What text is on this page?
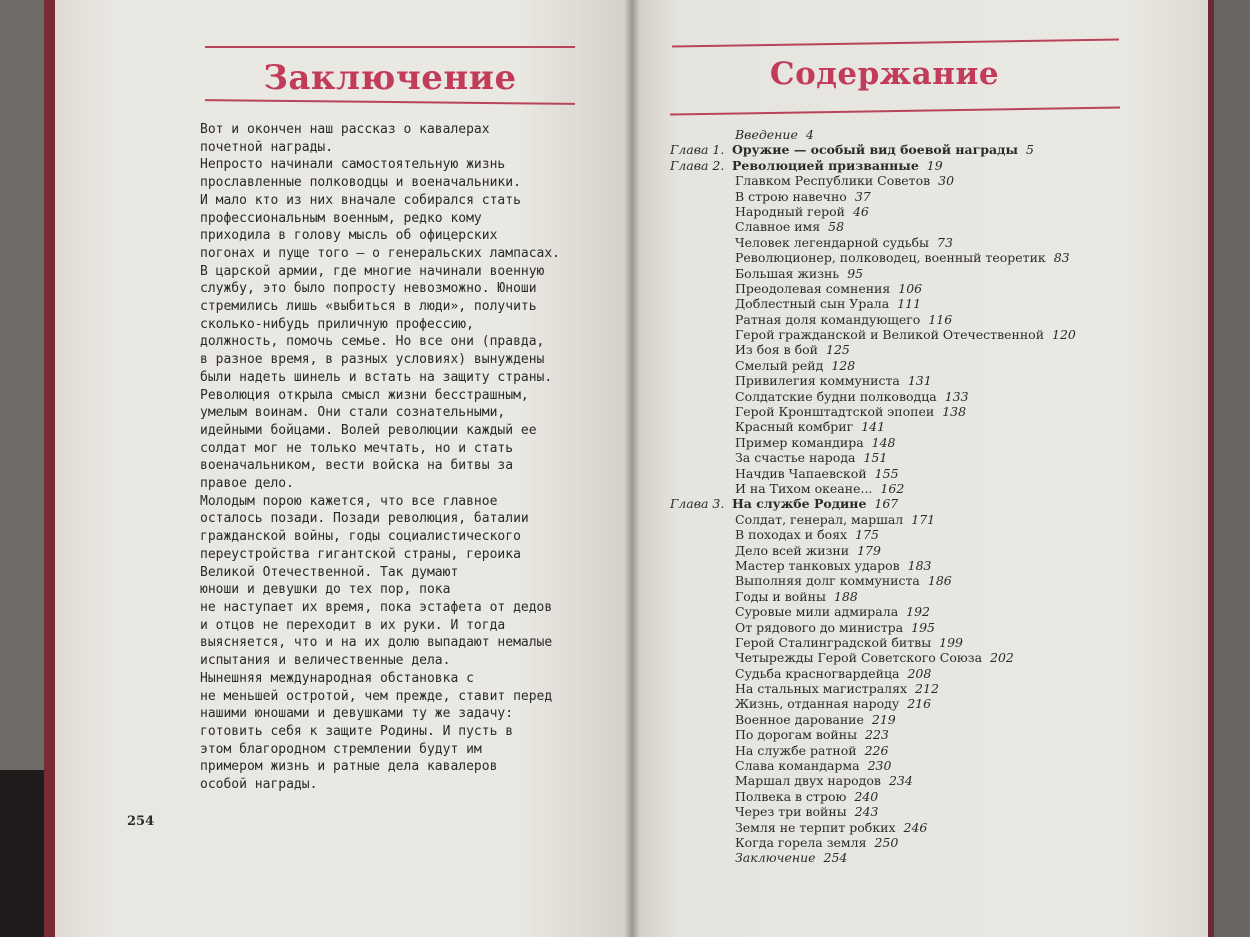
Заключение
Вот и окончен наш рассказ о кавалерах
почетной награды.
Непросто начинали самостоятельную жизнь
прославленные полководцы и военачальники.
И мало кто из них вначале собирался стать
профессиональным военным, редко кому
приходила в голову мысль об офицерских
погонах и пуще того — о генеральских лампасах.
В царской армии, где многие начинали военную
службу, это было попросту невозможно. Юноши
стремились лишь «выбиться в люди», получить
сколько-нибудь приличную профессию,
должность, помочь семье. Но все они (правда,
в разное время, в разных условиях) вынуждены
были надеть шинель и встать на защиту страны.
Революция открыла смысл жизни бесстрашным,
умелым воинам. Они стали сознательными,
идейными бойцами. Волей революции каждый ее
солдат мог не только мечтать, но и стать
военачальником, вести войска на битвы за
правое дело.
Молодым порою кажется, что все главное
осталось позади. Позади революция, баталии
гражданской войны, годы социалистического
переустройства гигантской страны, героика
Великой Отечественной. Так думают
юноши и девушки до тех пор, пока
не наступает их время, пока эстафета от дедов
и отцов не переходит в их руки. И тогда
выясняется, что и на их долю выпадают немалые
испытания и величественные дела.
Нынешняя международная обстановка с
не меньшей остротой, чем прежде, ставит перед
нашими юношами и девушками ту же задачу:
готовить себя к защите Родины. И пусть в
этом благородном стремлении будут им
примером жизнь и ратные дела кавалеров
особой награды.
254
Содержание
Введение 4
Глава 1. Оружие — особый вид боевой награды 5
Глава 2. Революцией призванные 19
Главком Республики Советов 30
В строю навечно 37
Народный герой 46
Славное имя 58
Человек легендарной судьбы 73
Революционер, полководец, военный теоретик 83
Большая жизнь 95
Преодолевая сомнения 106
Доблестный сын Урала 111
Ратная доля командующего 116
Герой гражданской и Великой Отечественной 120
Из боя в бой 125
Смелый рейд 128
Привилегия коммуниста 131
Солдатские будни полководца 133
Герой Кронштадтской эпопеи 138
Красный комбриг 141
Пример командира 148
За счастье народа 151
Начдив Чапаевской 155
И на Тихом океане... 162
Глава 3. На службе Родине 167
Солдат, генерал, маршал 171
В походах и боях 175
Дело всей жизни 179
Мастер танковых ударов 183
Выполняя долг коммуниста 186
Годы и войны 188
Суровые мили адмирала 192
От рядового до министра 195
Герой Сталинградской битвы 199
Четырежды Герой Советского Союза 202
Судьба красногвардейца 208
На стальных магистралях 212
Жизнь, отданная народу 216
Военное дарование 219
По дорогам войны 223
На службе ратной 226
Слава командарма 230
Маршал двух народов 234
Полвека в строю 240
Через три войны 243
Земля не терпит робких 246
Когда горела земля 250
Заключение 254
